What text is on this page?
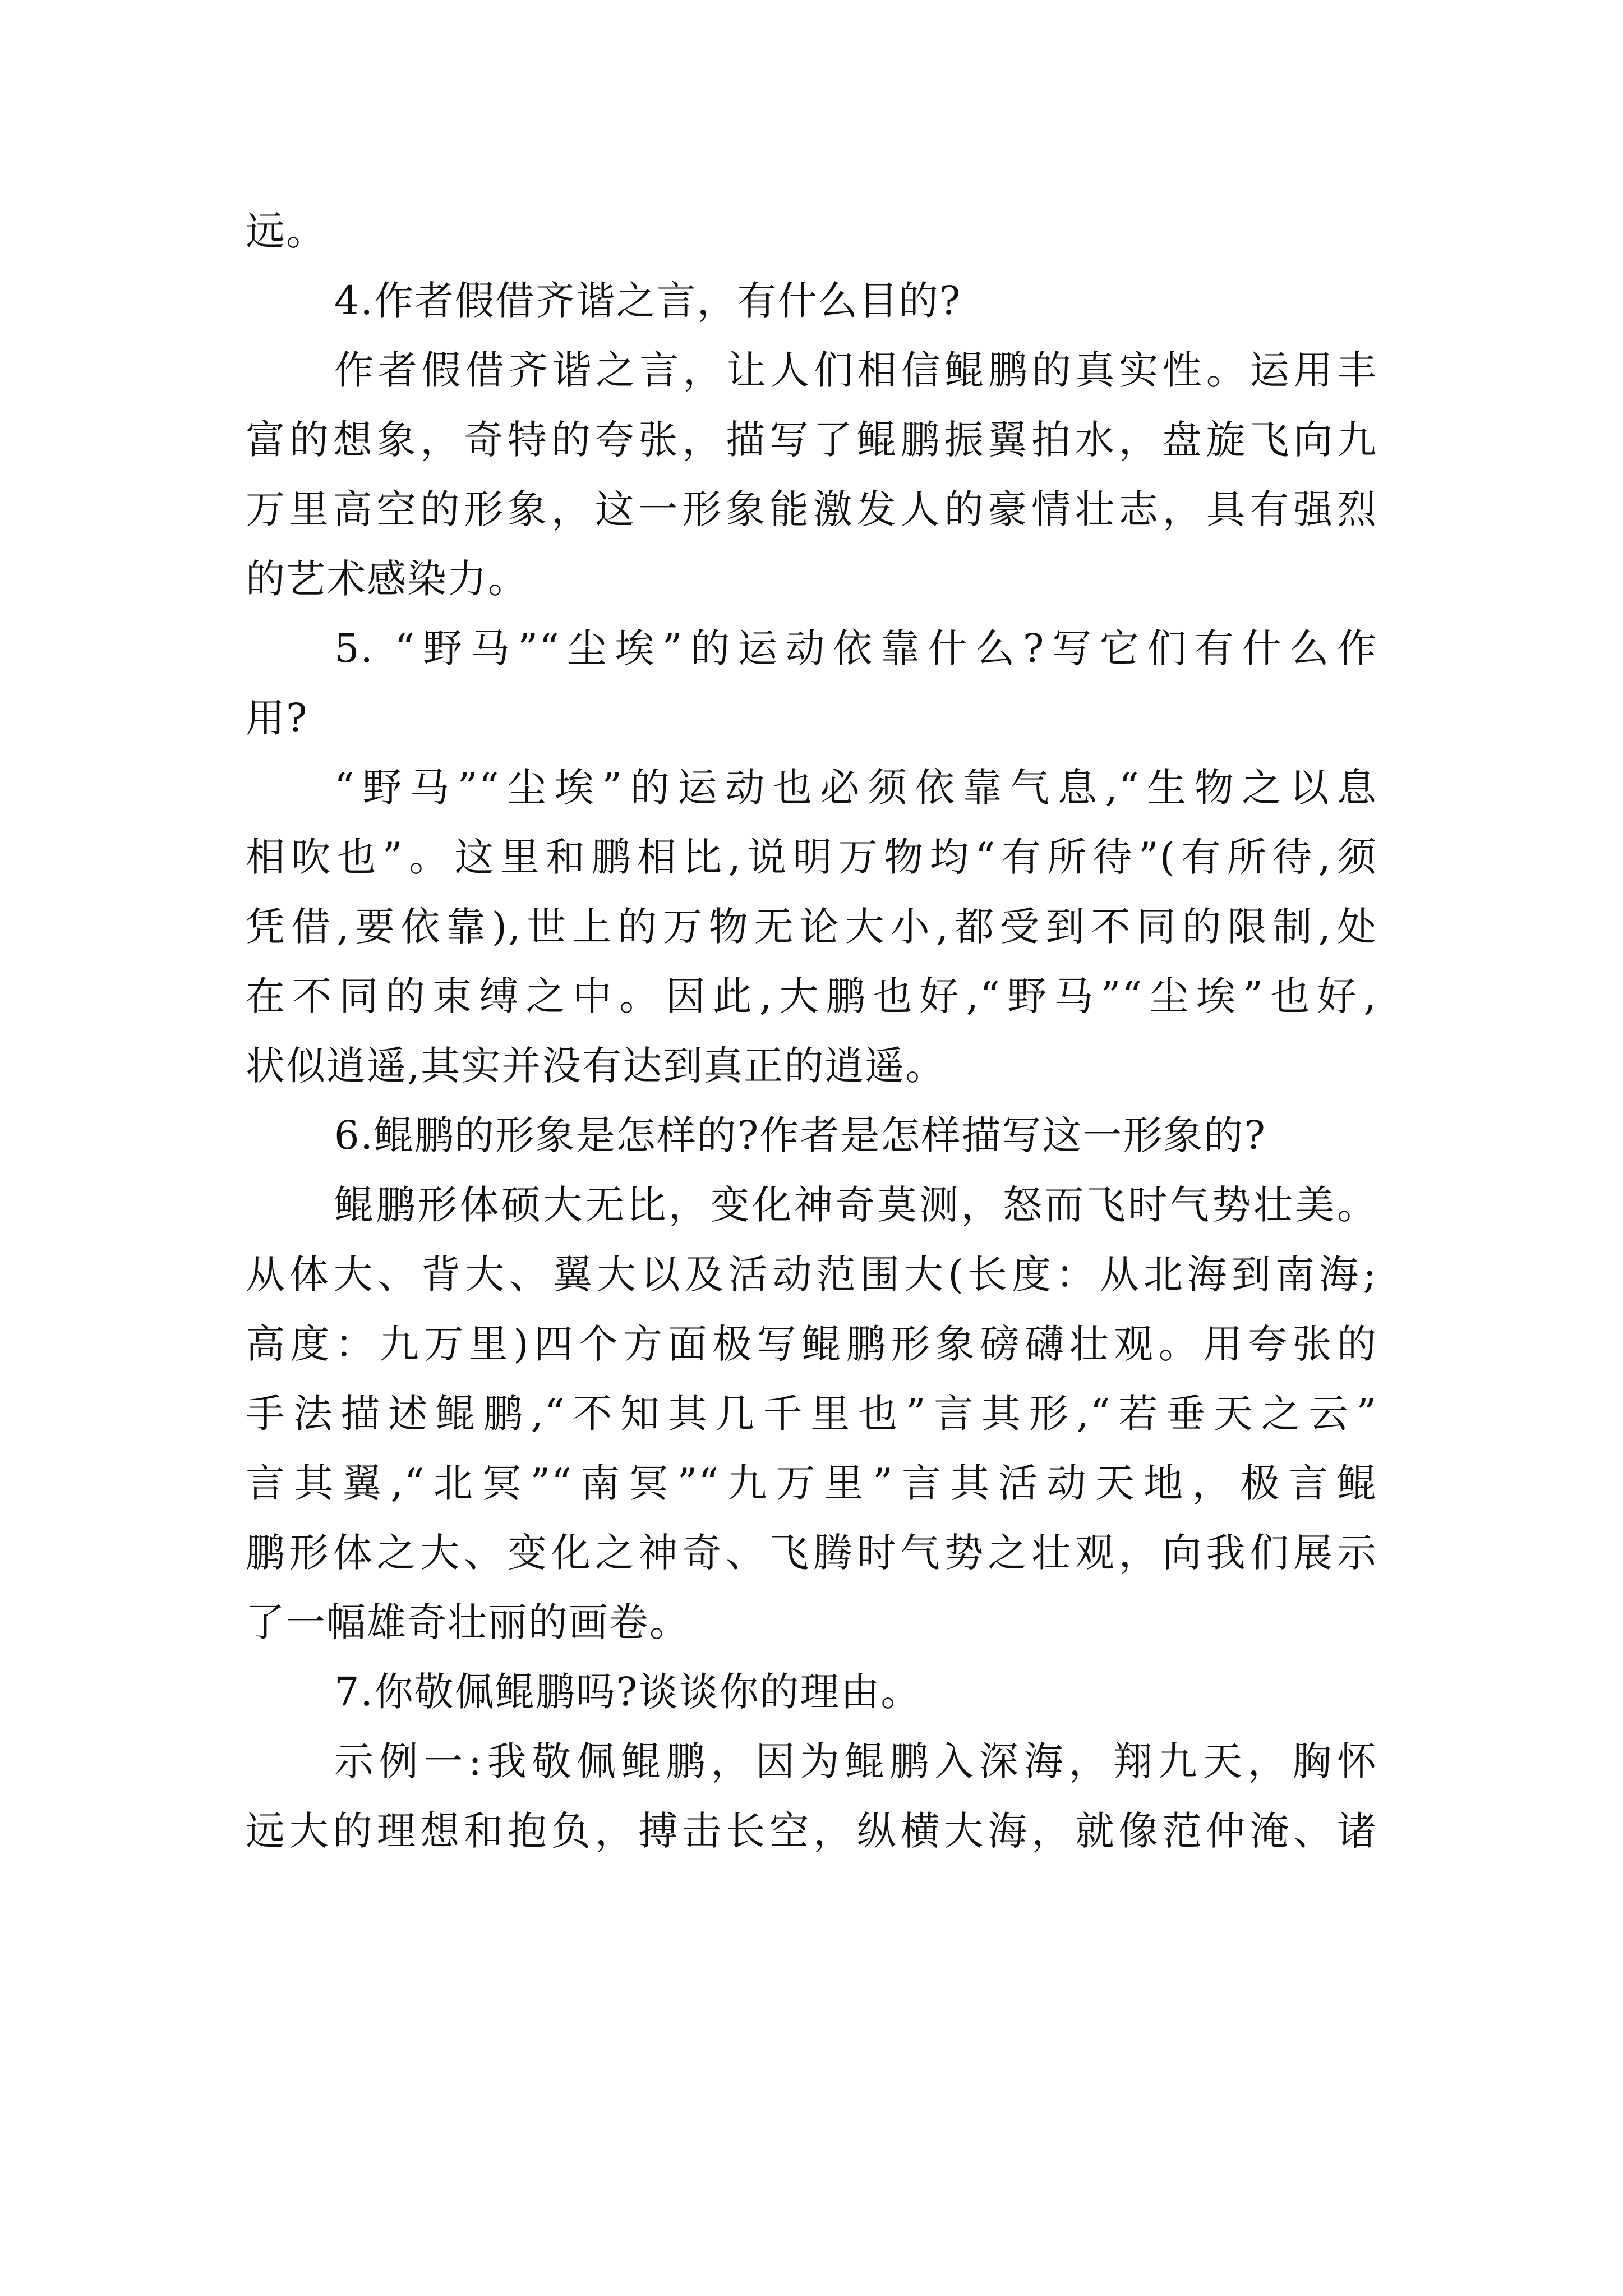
远。
4.作者假借齐谐之言，有什么目的?
作者假借齐谐之言，让人们相信鲲鹏的真实性。运用丰
富的想象，奇特的夸张，描写了鲲鹏振翼拍水，盘旋飞向九
万里高空的形象，这一形象能激发人的豪情壮志，具有强烈
的艺术感染力。
5. “野马”“尘埃”的运动依靠什么?写它们有什么作
用?
“野马”“尘埃”的运动也必须依靠气息,“生物之以息
相吹也”。这里和鹏相比,说明万物均“有所待”(有所待,须
凭借,要依靠),世上的万物无论大小,都受到不同的限制,处
在不同的束缚之中。因此,大鹏也好,“野马”“尘埃”也好,
状似逍遥,其实并没有达到真正的逍遥。
6.鲲鹏的形象是怎样的?作者是怎样描写这一形象的?
鲲鹏形体硕大无比，变化神奇莫测，怒而飞时气势壮美。
从体大、背大、翼大以及活动范围大(长度：从北海到南海;
高度：九万里)四个方面极写鲲鹏形象磅礴壮观。用夸张的
手法描述鲲鹏,“不知其几千里也”言其形,“若垂天之云”
言其翼,“北冥”“南冥”“九万里”言其活动天地，极言鲲
鹏形体之大、变化之神奇、飞腾时气势之壮观，向我们展示
了一幅雄奇壮丽的画卷。
7.你敬佩鲲鹏吗?谈谈你的理由。
示例一:我敬佩鲲鹏，因为鲲鹏入深海，翔九天，胸怀
远大的理想和抱负，搏击长空，纵横大海，就像范仲淹、诸
